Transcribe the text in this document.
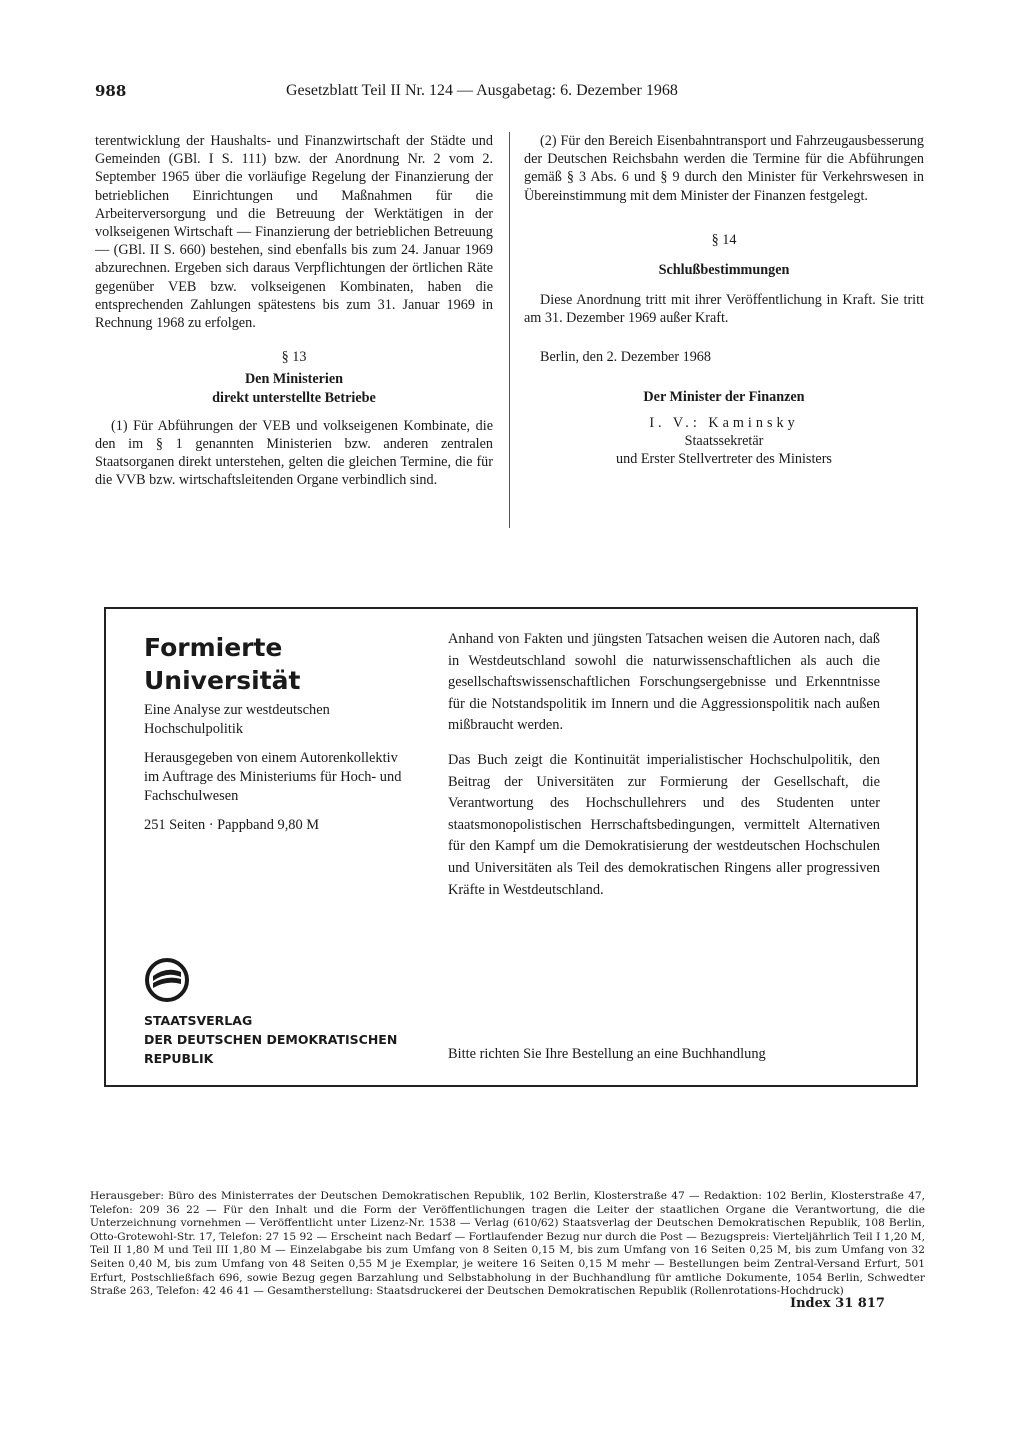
988	Gesetzblatt Teil II Nr. 124 — Ausgabetag: 6. Dezember 1968

terentwicklung der Haushalts- und Finanzwirtschaft der Städte und Gemeinden (GBl. I S. 111) bzw. der Anordnung Nr. 2 vom 2. September 1965 über die vorläufige Regelung der Finanzierung der betrieblichen Einrichtungen und Maßnahmen für die Arbeiterversorgung und die Betreuung der Werktätigen in der volkseigenen Wirtschaft — Finanzierung der betrieblichen Betreuung — (GBl. II S. 660) bestehen, sind ebenfalls bis zum 24. Januar 1969 abzurechnen. Ergeben sich daraus Verpflichtungen der örtlichen Räte gegenüber VEB bzw. volkseigenen Kombinaten, haben die entsprechenden Zahlungen spätestens bis zum 31. Januar 1969 in Rechnung 1968 zu erfolgen.

§ 13

Den Ministerien
direkt unterstellte Betriebe

(1) Für Abführungen der VEB und volkseigenen Kombinate, die den im § 1 genannten Ministerien bzw. anderen zentralen Staatsorganen direkt unterstehen, gelten die gleichen Termine, die für die VVB bzw. wirtschaftsleitenden Organe verbindlich sind.

(2) Für den Bereich Eisenbahntransport und Fahrzeugausbesserung der Deutschen Reichsbahn werden die Termine für die Abführungen gemäß § 3 Abs. 6 und § 9 durch den Minister für Verkehrswesen in Übereinstimmung mit dem Minister der Finanzen festgelegt.

§ 14

Schlußbestimmungen

Diese Anordnung tritt mit ihrer Veröffentlichung in Kraft. Sie tritt am 31. Dezember 1969 außer Kraft.

Berlin, den 2. Dezember 1968

Der Minister der Finanzen
I. V.: Kaminsky
Staatssekretär
und Erster Stellvertreter des Ministers
Formierte
Universität

Eine Analyse zur westdeutschen Hochschulpolitik

Herausgegeben von einem Autorenkollektiv im Auftrage des Ministeriums für Hoch- und Fachschulwesen

251 Seiten · Pappband 9,80 M

Anhand von Fakten und jüngsten Tatsachen weisen die Autoren nach, daß in Westdeutschland sowohl die naturwissenschaftlichen als auch die gesellschaftswissenschaftlichen Forschungsergebnisse und Erkenntnisse für die Notstandspolitik im Innern und die Aggressionspolitik nach außen mißbraucht werden.

Das Buch zeigt die Kontinuität imperialistischer Hochschulpolitik, den Beitrag der Universitäten zur Formierung der Gesellschaft, die Verantwortung des Hochschullehrers und des Studenten unter staatsmonopolistischen Herrschaftsbedingungen, vermittelt Alternativen für den Kampf um die Demokratisierung der westdeutschen Hochschulen und Universitäten als Teil des demokratischen Ringens aller progressiven Kräfte in Westdeutschland.

STAATSVERLAG
DER DEUTSCHEN DEMOKRATISCHEN
REPUBLIK	Bitte richten Sie Ihre Bestellung an eine Buchhandlung
Herausgeber: Büro des Ministerrates der Deutschen Demokratischen Republik, 102 Berlin, Klosterstraße 47 — Redaktion: 102 Berlin, Klosterstraße 47, Telefon: 209 36 22 — Für den Inhalt und die Form der Veröffentlichungen tragen die Leiter der staatlichen Organe die Verantwortung, die die Unterzeichnung vornehmen — Veröffentlicht unter Lizenz-Nr. 1538 — Verlag (610/62) Staatsverlag der Deutschen Demokratischen Republik, 108 Berlin, Otto-Grotewohl-Str. 17, Telefon: 27 15 92 — Erscheint nach Bedarf — Fortlaufender Bezug nur durch die Post — Bezugspreis: Vierteljährlich Teil I 1,20 M, Teil II 1,80 M und Teil III 1,80 M — Einzelabgabe bis zum Umfang von 8 Seiten 0,15 M, bis zum Umfang von 16 Seiten 0,25 M, bis zum Umfang von 32 Seiten 0,40 M, bis zum Umfang von 48 Seiten 0,55 M je Exemplar, je weitere 16 Seiten 0,15 M mehr — Bestellungen beim Zentral-Versand Erfurt, 501 Erfurt, Postschließfach 696, sowie Bezug gegen Barzahlung und Selbstabholung in der Buchhandlung für amtliche Dokumente, 1054 Berlin, Schwedter Straße 263, Telefon: 42 46 41 — Gesamtherstellung: Staatsdruckerei der Deutschen Demokratischen Republik (Rollenrotations-Hochdruck)
Index 31 817
